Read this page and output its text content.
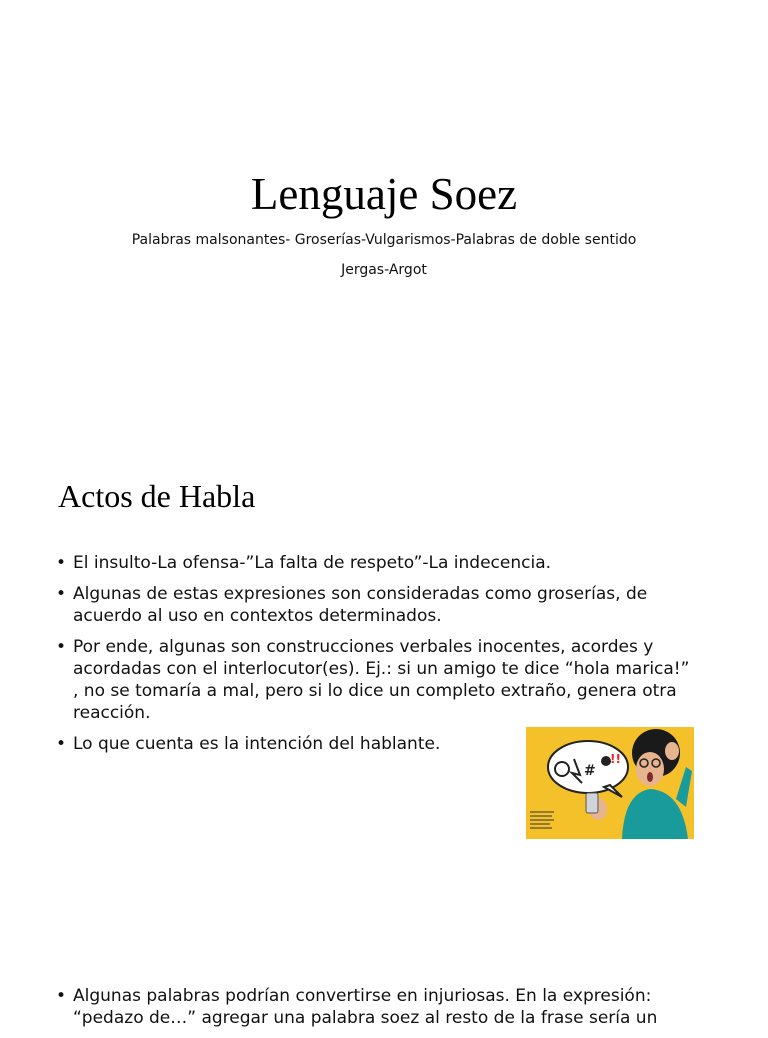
Lenguaje Soez
Palabras malsonantes- Groserías-Vulgarismos-Palabras de doble sentido
Jergas-Argot
Actos de Habla
• El insulto-La ofensa-”La falta de respeto”-La indecencia.
• Algunas de estas expresiones son consideradas como groserías, de acuerdo al uso en contextos determinados.
• Por ende, algunas son construcciones verbales inocentes, acordes y acordadas con el interlocutor(es). Ej.: si un amigo te dice “hola marica!” , no se tomaría a mal, pero si lo dice un completo extraño, genera otra reacción.
• Lo que cuenta es la intención del hablante.
#
!!
• Algunas palabras podrían convertirse en injuriosas. En la expresión: “pedazo de…” agregar una palabra soez al resto de la frase sería un
